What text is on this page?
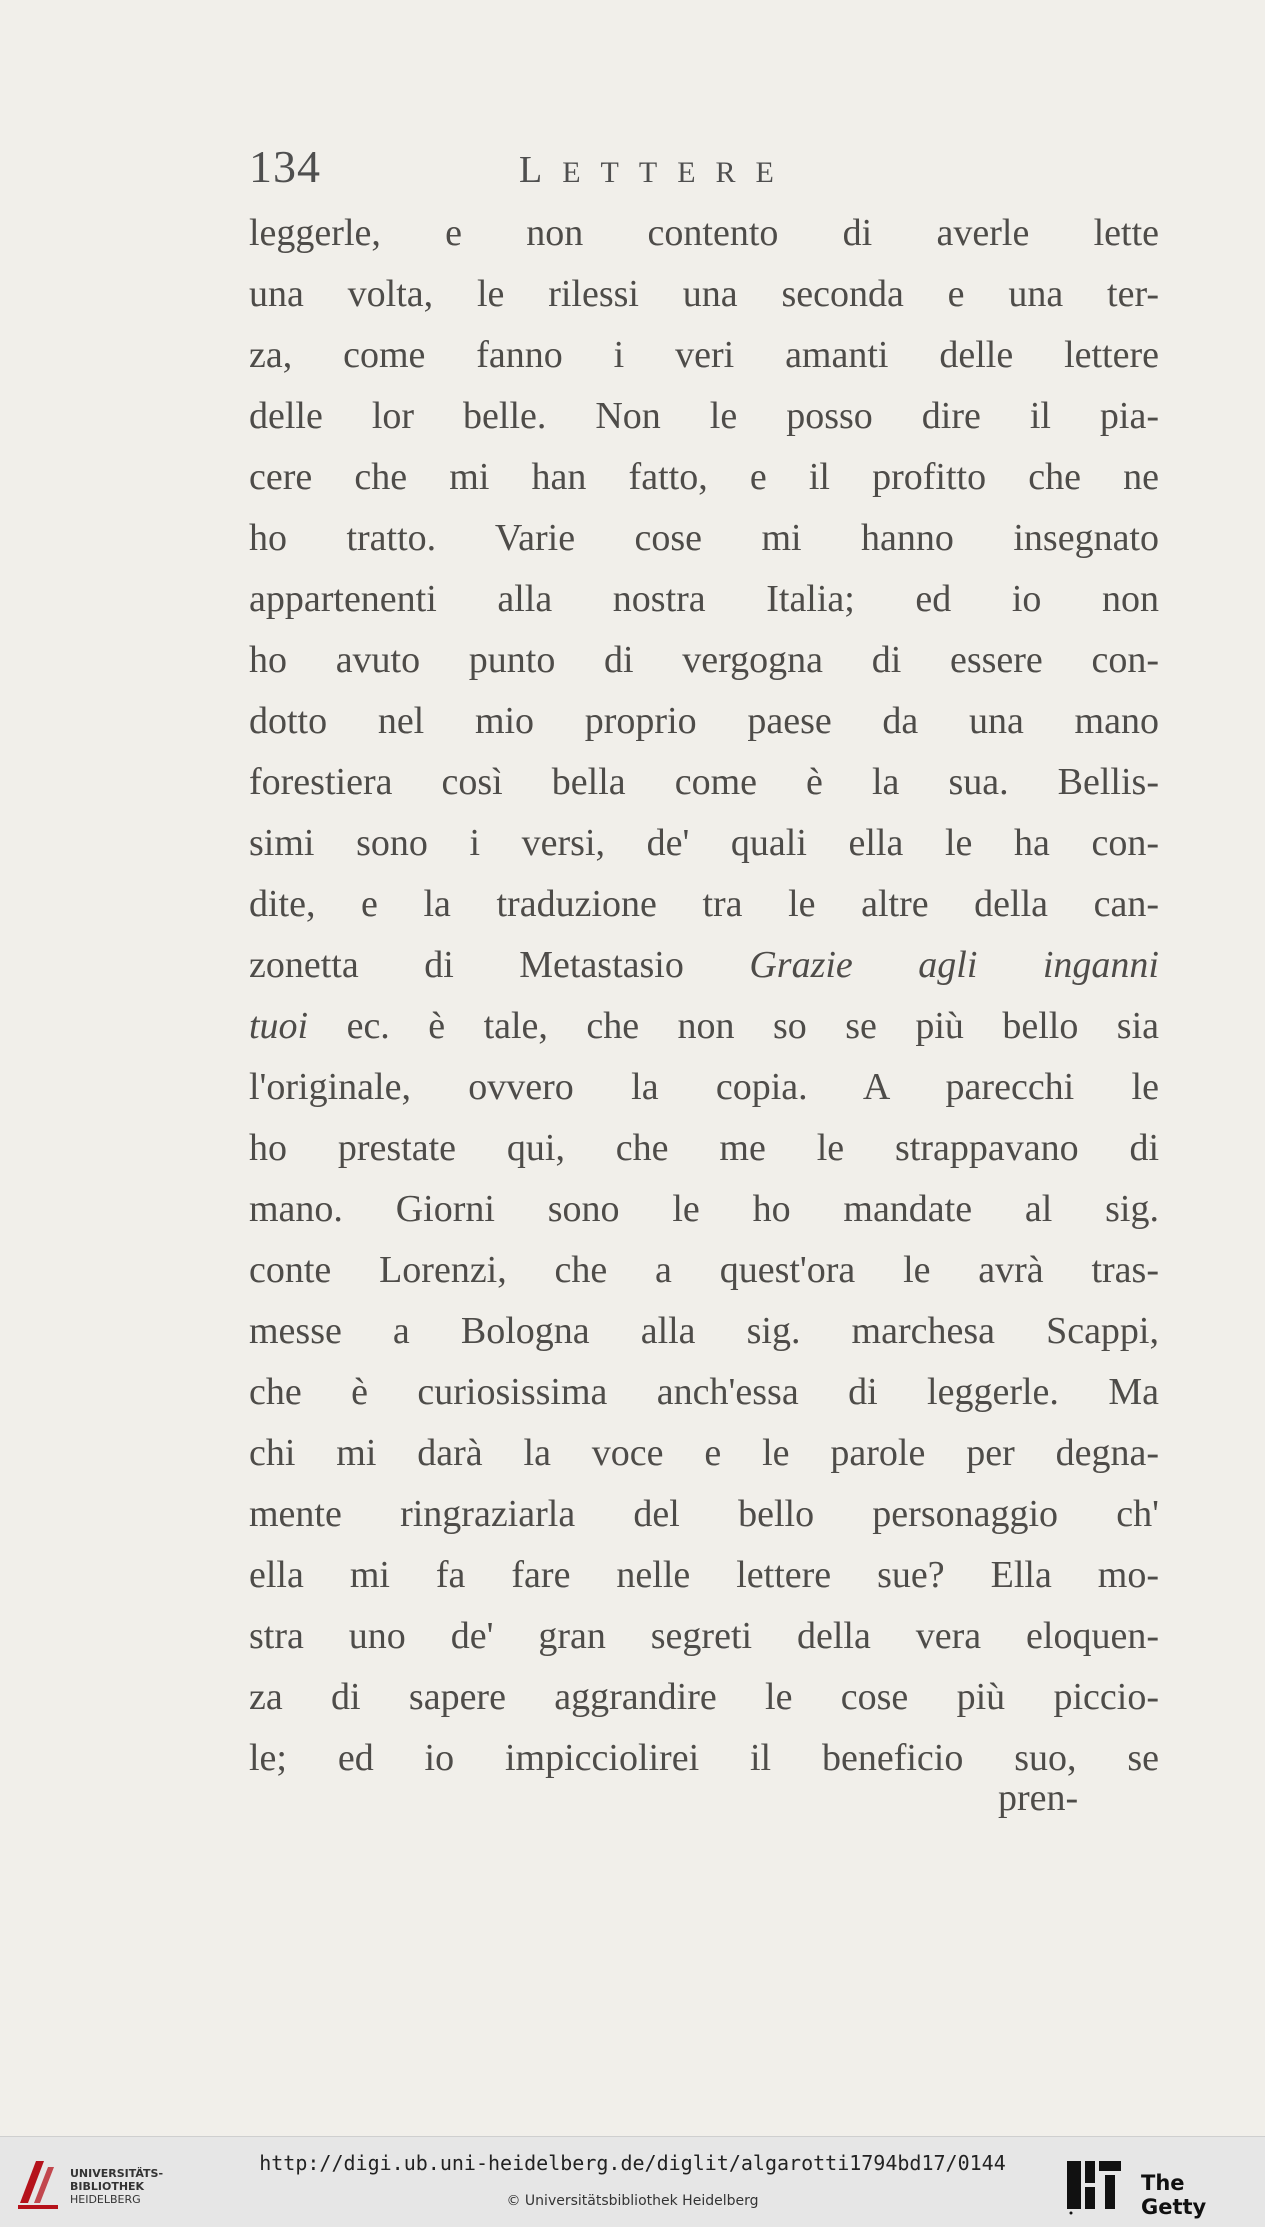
134	LETTERE
leggerle, e non contento di averle lette
una volta, le rilessi una seconda e una ter-
za, come fanno i veri amanti delle lettere
delle lor belle. Non le posso dire il pia-
cere che mi han fatto, e il profitto che ne
ho tratto. Varie cose mi hanno insegnato
appartenenti alla nostra Italia; ed io non
ho avuto punto di vergogna di essere con-
dotto nel mio proprio paese da una mano
forestiera così bella come è la sua. Bellis-
simi sono i versi, de' quali ella le ha con-
dite, e la traduzione tra le altre della can-
zonetta di Metastasio Grazie agli inganni
tuoi ec. è tale, che non so se più bello sia
l'originale, ovvero la copia. A parecchi le
ho prestate qui, che me le strappavano di
mano. Giorni sono le ho mandate al sig.
conte Lorenzi, che a quest'ora le avrà tras-
messe a Bologna alla sig. marchesa Scappi,
che è curiosissima anch'essa di leggerle. Ma
chi mi darà la voce e le parole per degna-
mente ringraziarla del bello personaggio ch'
ella mi fa fare nelle lettere sue? Ella mo-
stra uno de' gran segreti della vera eloquen-
za di sapere aggrandire le cose più piccio-
le; ed io impicciolirei il beneficio suo, se
pren-
UNIVERSITÄTS-
BIBLIOTHEK
HEIDELBERG
http://digi.ub.uni-heidelberg.de/diglit/algarotti1794bd17/0144
© Universitätsbibliothek Heidelberg
The Getty
